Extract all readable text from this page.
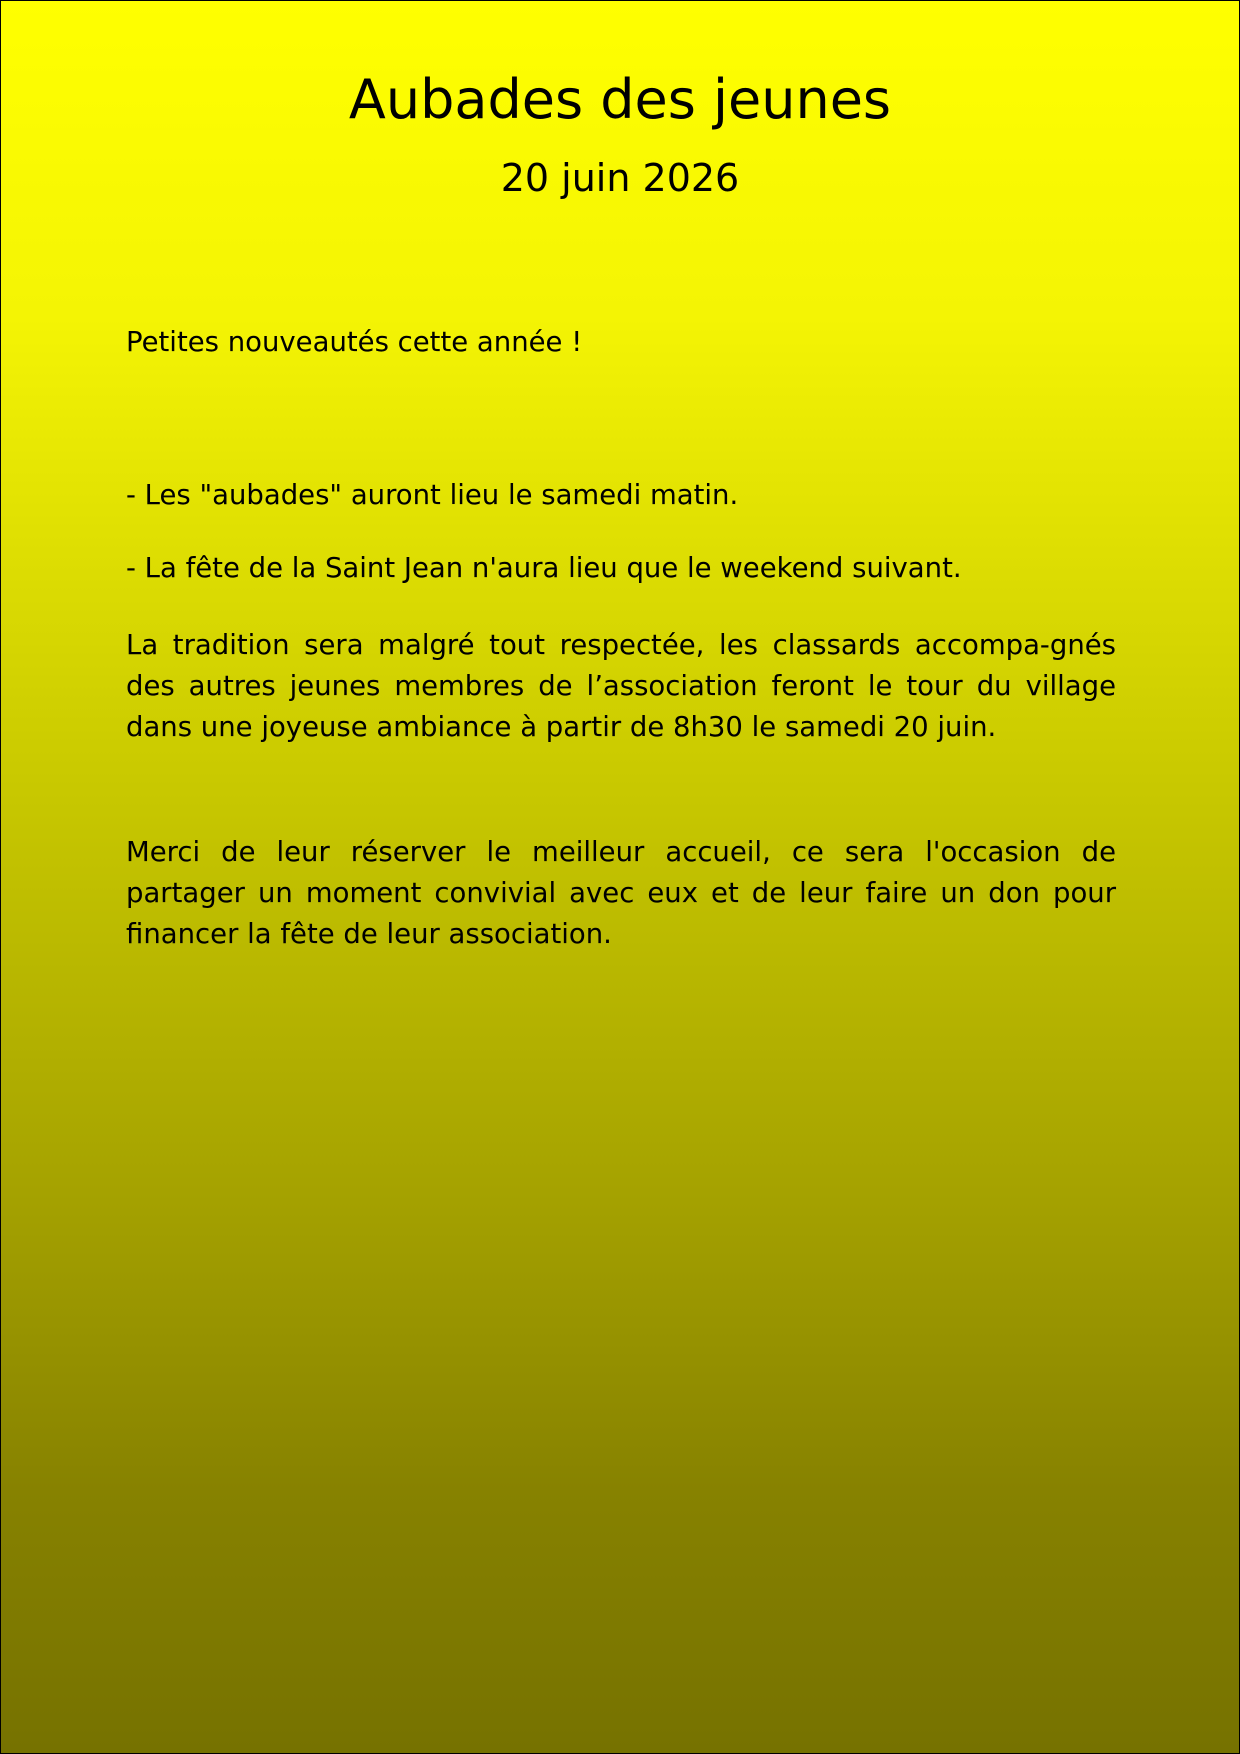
Aubades des jeunes
20 juin 2026

Petites nouveautés cette année !

- Les "aubades" auront lieu le samedi matin.

- La fête de la Saint Jean n'aura lieu que le weekend suivant.

La tradition sera malgré tout respectée, les classards accompa-gnés des autres jeunes membres de l’association feront le tour du village dans une joyeuse ambiance à partir de 8h30 le samedi 20 juin.

Merci de leur réserver le meilleur accueil, ce sera l'occasion de partager un moment convivial avec eux et de leur faire un don pour financer la fête de leur association.
